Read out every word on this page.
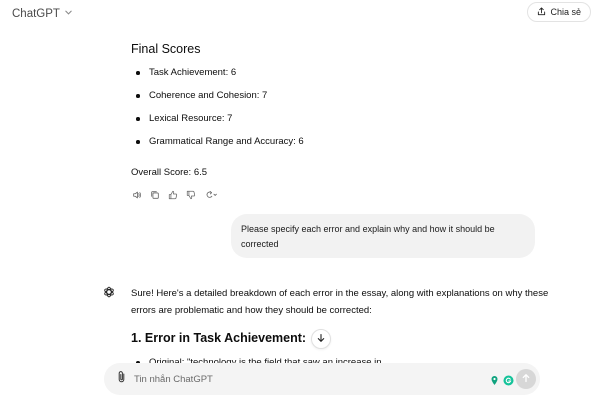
ChatGPT	Chia sẻ
Final Scores
Task Achievement: 6
Coherence and Cohesion: 7
Lexical Resource: 7
Grammatical Range and Accuracy: 6
Overall Score: 6.5
Please specify each error and explain why and how it should be corrected
Sure! Here's a detailed breakdown of each error in the essay, along with explanations on why these errors are problematic and how they should be corrected:
1. Error in Task Achievement:
Tin nhắn ChatGPT
